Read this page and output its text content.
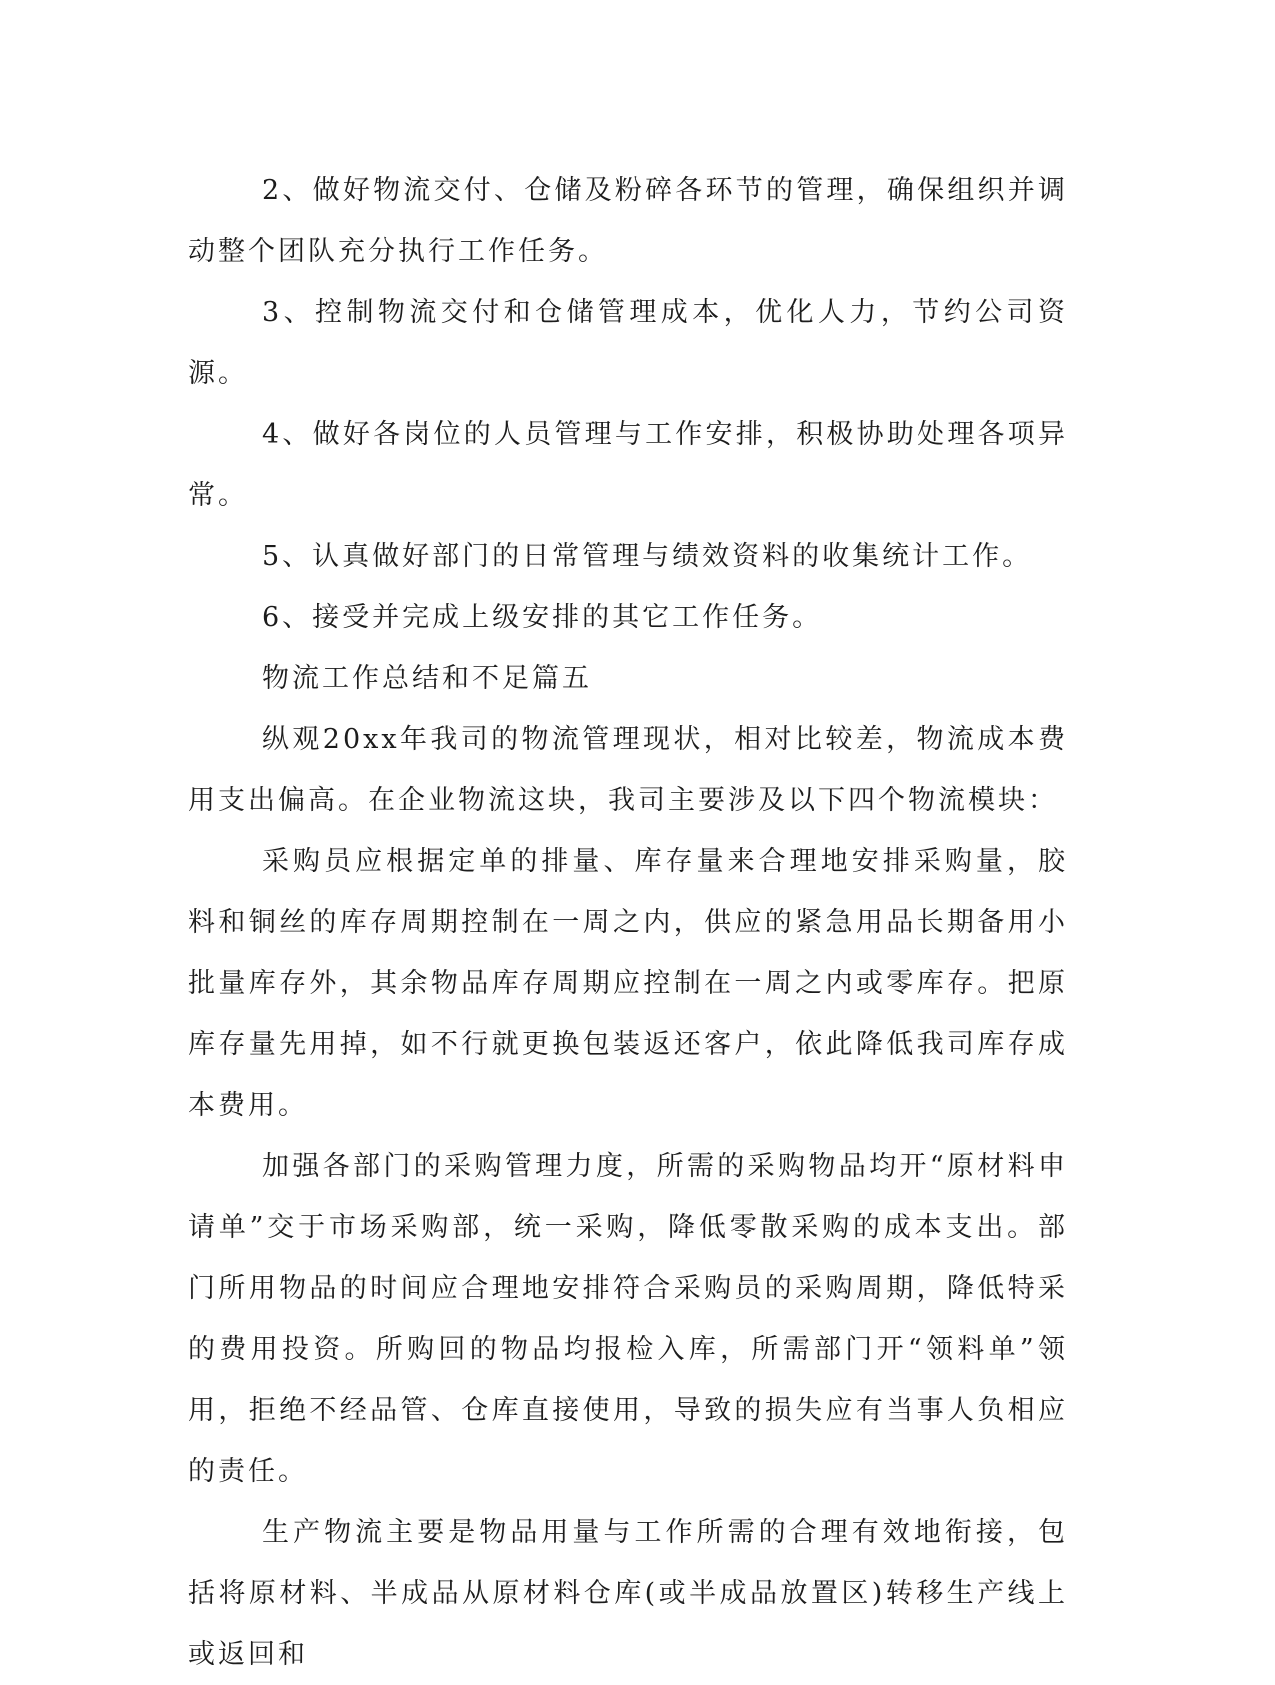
2、做好物流交付、仓储及粉碎各环节的管理，确保组织并调动整个团队充分执行工作任务。

3、控制物流交付和仓储管理成本，优化人力，节约公司资源。

4、做好各岗位的人员管理与工作安排，积极协助处理各项异常。

5、认真做好部门的日常管理与绩效资料的收集统计工作。

6、接受并完成上级安排的其它工作任务。

物流工作总结和不足篇五

纵观20xx年我司的物流管理现状，相对比较差，物流成本费用支出偏高。在企业物流这块，我司主要涉及以下四个物流模块：

采购员应根据定单的排量、库存量来合理地安排采购量，胶料和铜丝的库存周期控制在一周之内，供应的紧急用品长期备用小批量库存外，其余物品库存周期应控制在一周之内或零库存。把原库存量先用掉，如不行就更换包装返还客户，依此降低我司库存成本费用。

加强各部门的采购管理力度，所需的采购物品均开“原材料申请单”交于市场采购部，统一采购，降低零散采购的成本支出。部门所用物品的时间应合理地安排符合采购员的采购周期，降低特采的费用投资。所购回的物品均报检入库，所需部门开“领料单”领用，拒绝不经品管、仓库直接使用，导致的损失应有当事人负相应的责任。

生产物流主要是物品用量与工作所需的合理有效地衔接，包括将原材料、半成品从原材料仓库(或半成品放置区)转移生产线上或返回和
